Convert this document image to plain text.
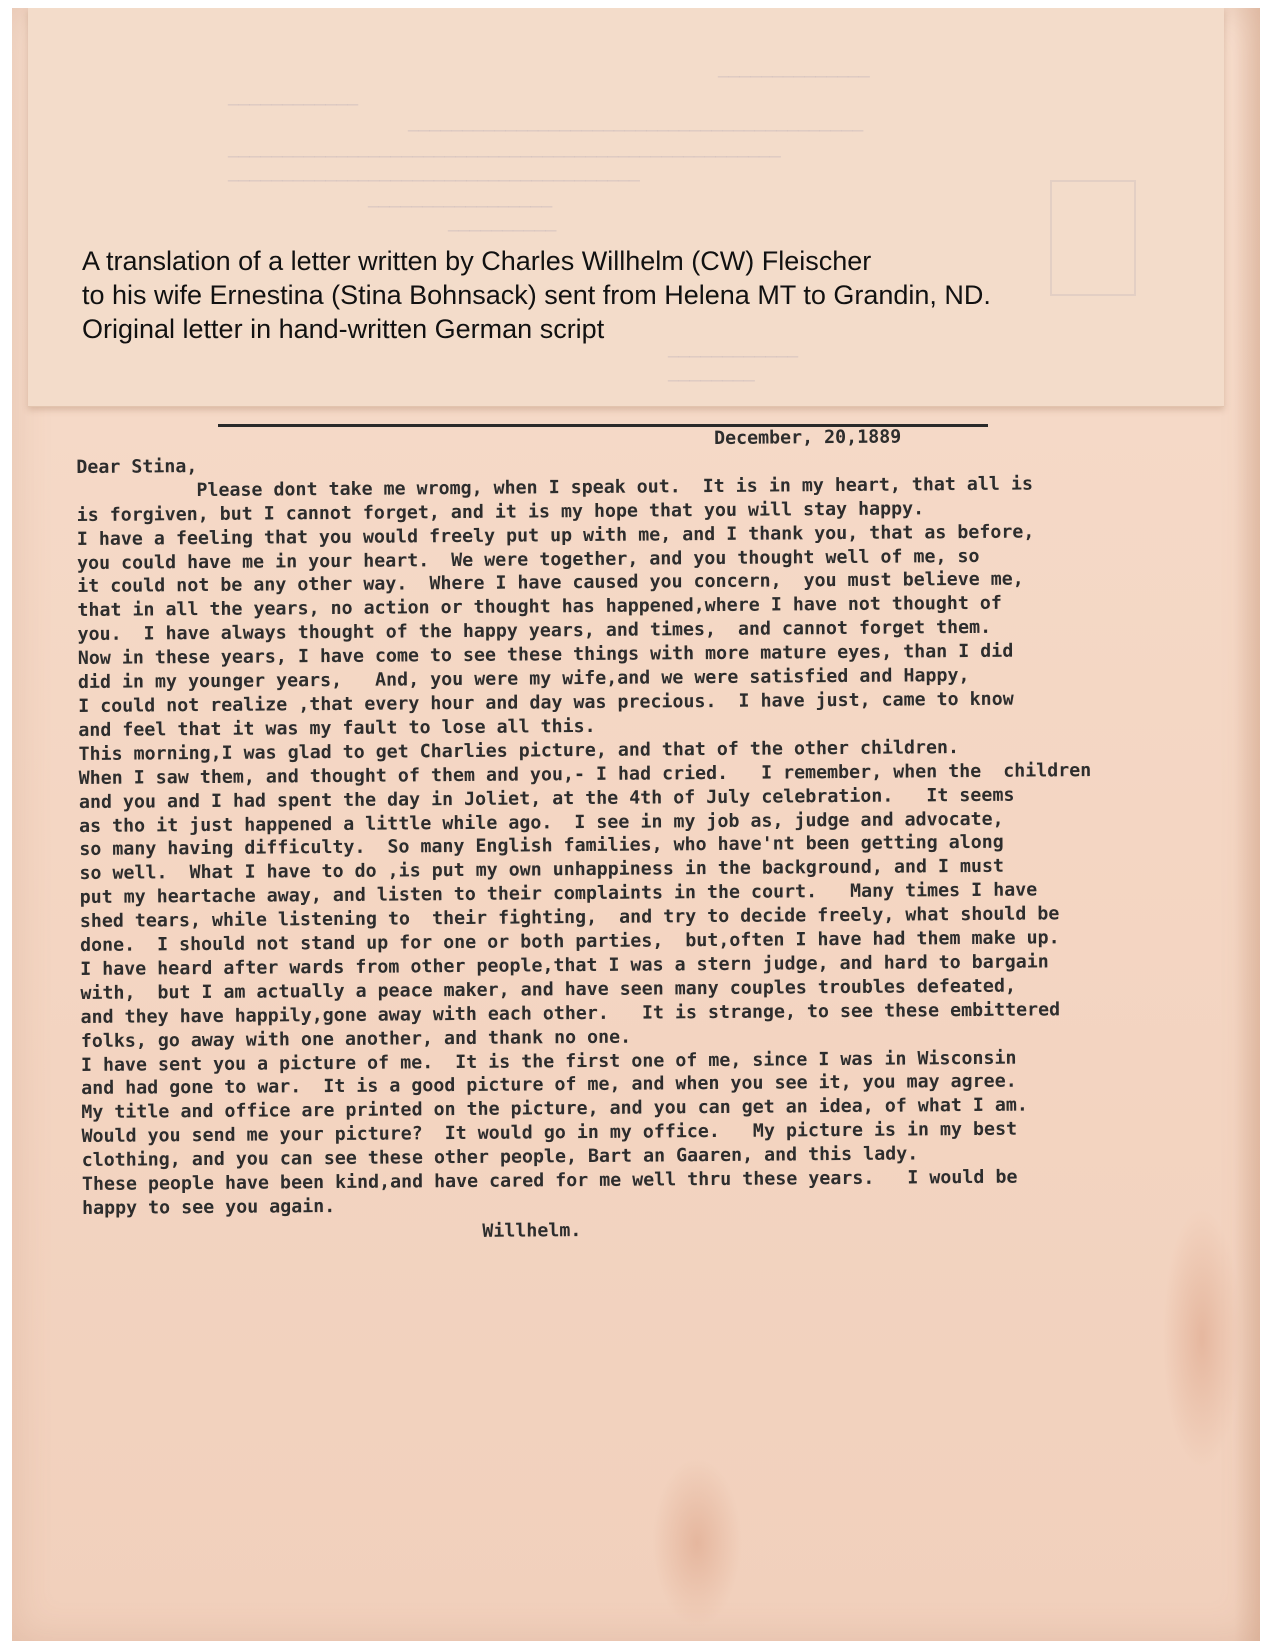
──────────────
────────────
──────────────────────────────────────────
───────────────────────────────────────────────────
──────────────────────────────────────
─────────────────
──────────
────────────
────────

A translation of a letter written by Charles Willhelm (CW) Fleischer

to his wife Ernestina (Stina Bohnsack) sent from Helena MT to Grandin, ND.

Original letter in hand-written German script

December, 20,1889

Dear Stina,

Please dont take me wromg, when I speak out.  It is in my heart, that all is

is forgiven, but I cannot forget, and it is my hope that you will stay happy.

I have a feeling that you would freely put up with me, and I thank you, that as before,

you could have me in your heart.  We were together, and you thought well of me, so

it could not be any other way.  Where I have caused you concern,  you must believe me,

that in all the years, no action or thought has happened,where I have not thought of

you.  I have always thought of the happy years, and times,  and cannot forget them.

Now in these years, I have come to see these things with more mature eyes, than I did

did in my younger years,   And, you were my wife,and we were satisfied and Happy,

I could not realize ,that every hour and day was precious.  I have just, came to know

and feel that it was my fault to lose all this.

This morning,I was glad to get Charlies picture, and that of the other children.

When I saw them, and thought of them and you,- I had cried.   I remember, when the  children

and you and I had spent the day in Joliet, at the 4th of July celebration.   It seems

as tho it just happened a little while ago.  I see in my job as, judge and advocate,

so many having difficulty.  So many English families, who have'nt been getting along

so well.  What I have to do ,is put my own unhappiness in the background, and I must

put my heartache away, and listen to their complaints in the court.   Many times I have

shed tears, while listening to  their fighting,  and try to decide freely, what should be

done.  I should not stand up for one or both parties,  but,often I have had them make up.

I have heard after wards from other people,that I was a stern judge, and hard to bargain

with,  but I am actually a peace maker, and have seen many couples troubles defeated,

and they have happily,gone away with each other.   It is strange, to see these embittered

folks, go away with one another, and thank no one.

I have sent you a picture of me.  It is the first one of me, since I was in Wisconsin

and had gone to war.  It is a good picture of me, and when you see it, you may agree.

My title and office are printed on the picture, and you can get an idea, of what I am.

Would you send me your picture?  It would go in my office.   My picture is in my best

clothing, and you can see these other people, Bart an Gaaren, and this lady.

These people have been kind,and have cared for me well thru these years.   I would be

happy to see you again.

Willhelm.
